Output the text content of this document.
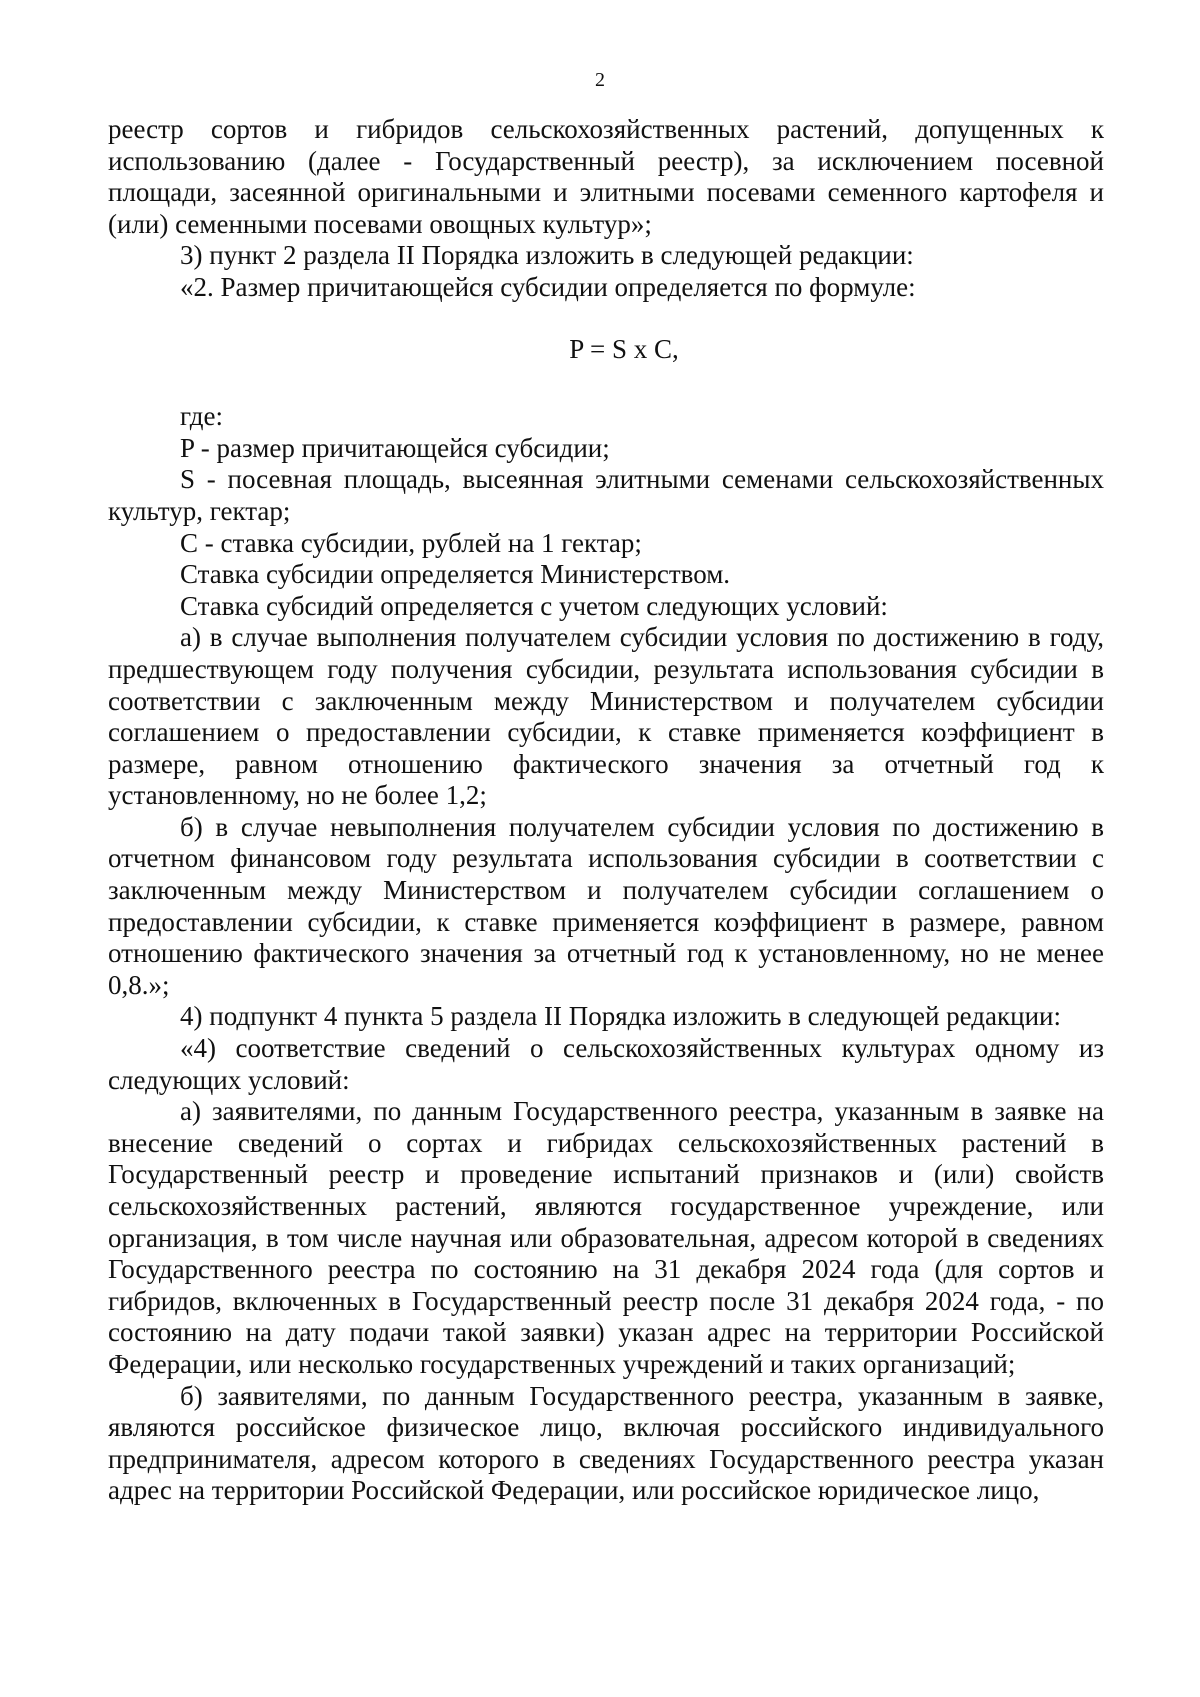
2

реестр сортов и гибридов сельскохозяйственных растений, допущенных к использованию (далее - Государственный реестр), за исключением посевной площади, засеянной оригинальными и элитными посевами семенного картофеля и (или) семенными посевами овощных культур»;

3) пункт 2 раздела II Порядка изложить в следующей редакции:

«2. Размер причитающейся субсидии определяется по формуле:

P = S x C,

где:

P - размер причитающейся субсидии;

S - посевная площадь, высеянная элитными семенами сельскохозяйственных культур, гектар;

C - ставка субсидии, рублей на 1 гектар;

Ставка субсидии определяется Министерством.

Ставка субсидий определяется с учетом следующих условий:

а) в случае выполнения получателем субсидии условия по достижению в году, предшествующем году получения субсидии, результата использования субсидии в соответствии с заключенным между Министерством и получателем субсидии соглашением о предоставлении субсидии, к ставке применяется коэффициент в размере, равном отношению фактического значения за отчетный год к установленному, но не более 1,2;

б) в случае невыполнения получателем субсидии условия по достижению в отчетном финансовом году результата использования субсидии в соответствии с заключенным между Министерством и получателем субсидии соглашением о предоставлении субсидии, к ставке применяется коэффициент в размере, равном отношению фактического значения за отчетный год к установленному, но не менее 0,8.»;

4) подпункт 4 пункта 5 раздела II Порядка изложить в следующей редакции:

«4) соответствие сведений о сельскохозяйственных культурах одному из следующих условий:

а) заявителями, по данным Государственного реестра, указанным в заявке на внесение сведений о сортах и гибридах сельскохозяйственных растений в Государственный реестр и проведение испытаний признаков и (или) свойств сельскохозяйственных растений, являются государственное учреждение, или организация, в том числе научная или образовательная, адресом которой в сведениях Государственного реестра по состоянию на 31 декабря 2024 года (для сортов и гибридов, включенных в Государственный реестр после 31 декабря 2024 года, - по состоянию на дату подачи такой заявки) указан адрес на территории Российской Федерации, или несколько государственных учреждений и таких организаций;

б) заявителями, по данным Государственного реестра, указанным в заявке, являются российское физическое лицо, включая российского индивидуального предпринимателя, адресом которого в сведениях Государственного реестра указан адрес на территории Российской Федерации, или российское юридическое лицо,
